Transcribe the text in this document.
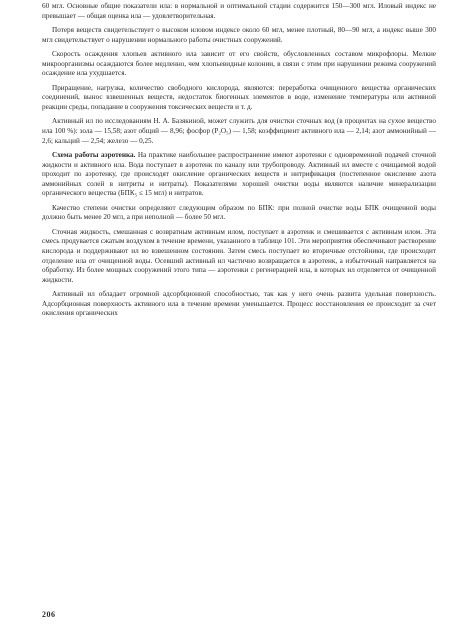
60 мгл. Основные общие показатели ила: в нормальной и оптимальной стадии содержится 150—300 мгл. Иловый индекс не превышает — общая оценка ила — удовлетворительная.

Потеря веществ свидетельствует о высоком иловом индексе около 60 мгл, менее плотный, 80—90 мгл, а индекс выше 300 мгл свидетельствует о нарушении нормального работы очистных сооружений.

Скорость осаждения хлопьев активного ила зависит от его свойств, обусловленных составом микрофлоры. Мелкие микроорганизмы осаждаются более медленно, чем хлопьевидные колонии, в связи с этим при нарушении режима сооружений осаждение ила ухудшается.

Приращение, нагрузка, количество свободного кислорода, являются: переработка очищенного вещества органических соединений, вынос взвешенных веществ, недостаток биогенных элементов в воде, изменение температуры или активной реакции среды, попадание в сооружения токсических веществ и т. д.

Активный ил по исследованиям Н. А. Базякиной, может служить для очистки сточных вод (в процентах на сухое вещество ила 100 %): зола — 15,58; азот общий — 8,96; фосфор (P₂O₅) — 1,58; коэффициент активного ила — 2,14; азот аммонийный — 2,6; кальций — 2,54; железо — 0,25.

Схема работы аэротенка. На практике наибольшее распространение имеют аэротенки с одновременной подачей сточной жидкости и активного ила. Вода поступает в аэротенк по каналу или трубопроводу. Активный ил вместе с очищаемой водой проходит по аэротенку, где происходят окисление органических веществ и нитрификация (постепенное окисление азота аммонийных солей в нитриты и нитраты). Показателями хорошей очистки воды являются наличие минерализации органического вещества (БПК₅ ≤ 15 мгл) и нитратов.

Качество степени очистки определяют следующим образом по БПК: при полной очистке воды БПК очищенной воды должно быть менее 20 мгл, а при неполной — более 50 мгл.

Сточная жидкость, смешанная с возвратным активным илом, поступает в аэротенк и смешивается с активным илом. Эта смесь продувается сжатым воздухом в течение времени, указанного в таблице 101. Эти мероприятия обеспечивают растворение кислорода и поддерживают ил во взвешенном состоянии. Затем смесь поступает во вторичные отстойники, где происходит отделение ила от очищенной воды. Осевший активный ил частично возвращается в аэротенк, а избыточный направляется на обработку. Из более мощных сооружений этого типа — аэротенки с регенерацией ила, в которых ил отделяется от очищенной жидкости.

Активный ил обладает огромной адсорбционной способностью, так как у него очень развита удельная поверхность. Адсорбционная поверхность активного ила в течение времени уменьшается. Процесс восстановления ее происходит за счет окисления органических

206
